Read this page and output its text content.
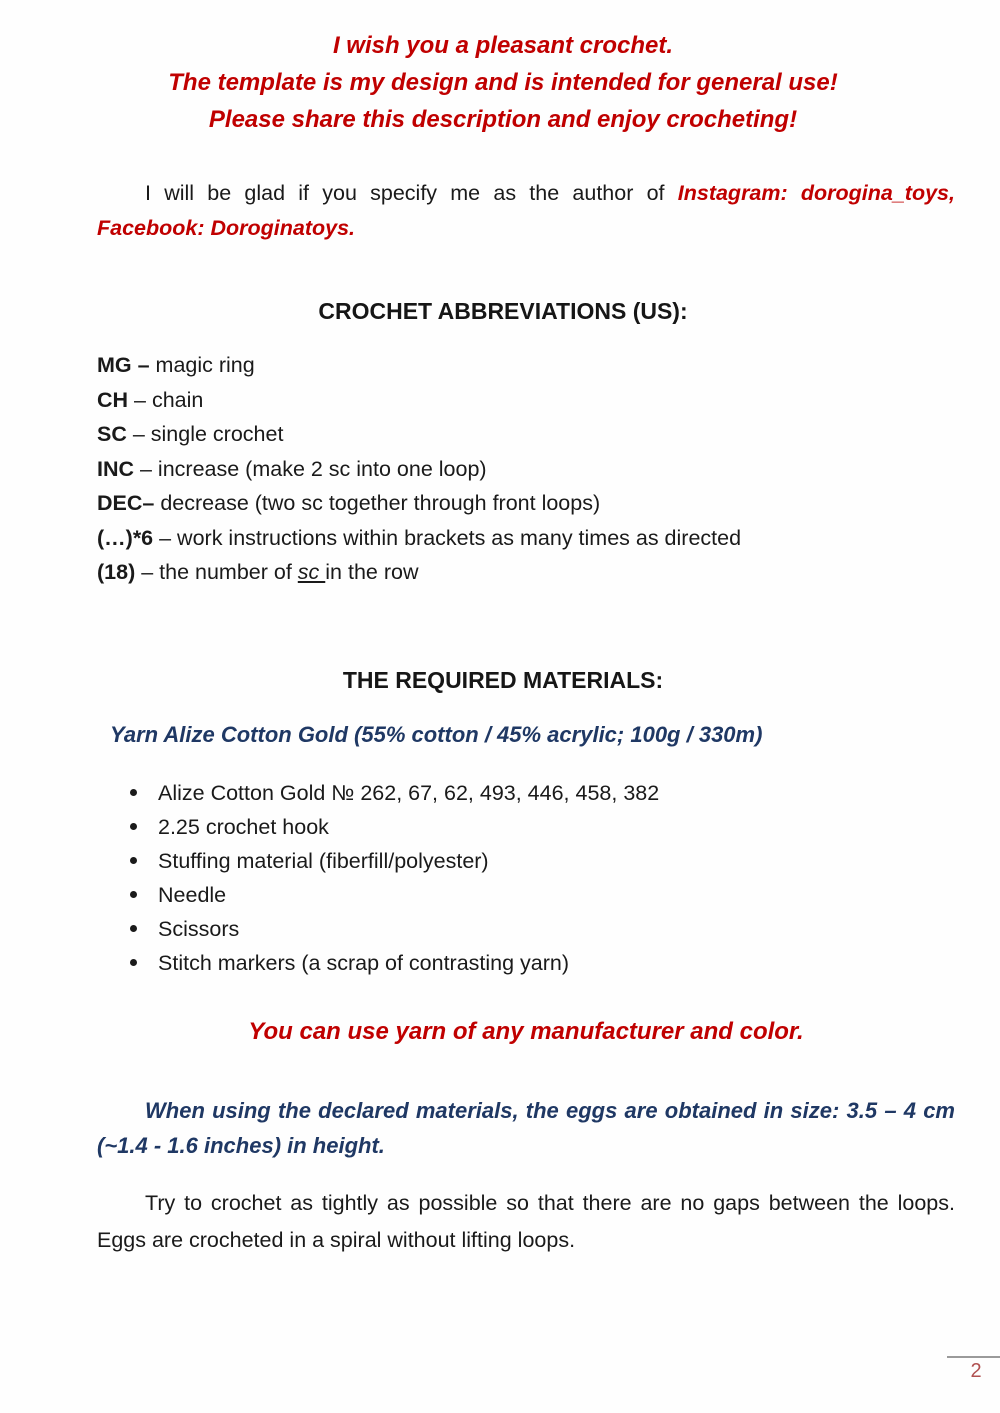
I wish you a pleasant crochet.
The template is my design and is intended for general use!
Please share this description and enjoy crocheting!

I will be glad if you specify me as the author of Instagram: dorogina_toys, Facebook: Doroginatoys.

CROCHET ABBREVIATIONS (US):
MG – magic ring
CH – chain
SC – single crochet
INC – increase (make 2 sc into one loop)
DEC– decrease (two sc together through front loops)
(…)*6 – work instructions within brackets as many times as directed
(18) – the number of sc in the row
THE REQUIRED MATERIALS:
Yarn Alize Cotton Gold (55% cotton / 45% acrylic; 100g / 330m)
Alize Cotton Gold № 262, 67, 62, 493, 446, 458, 382
2.25 crochet hook
Stuffing material (fiberfill/polyester)
Needle
Scissors
Stitch markers (a scrap of contrasting yarn)
You can use yarn of any manufacturer and color.

When using the declared materials, the eggs are obtained in size: 3.5 – 4 cm (~1.4 - 1.6 inches) in height.

Try to crochet as tightly as possible so that there are no gaps between the loops. Eggs are crocheted in a spiral without lifting loops.

2
